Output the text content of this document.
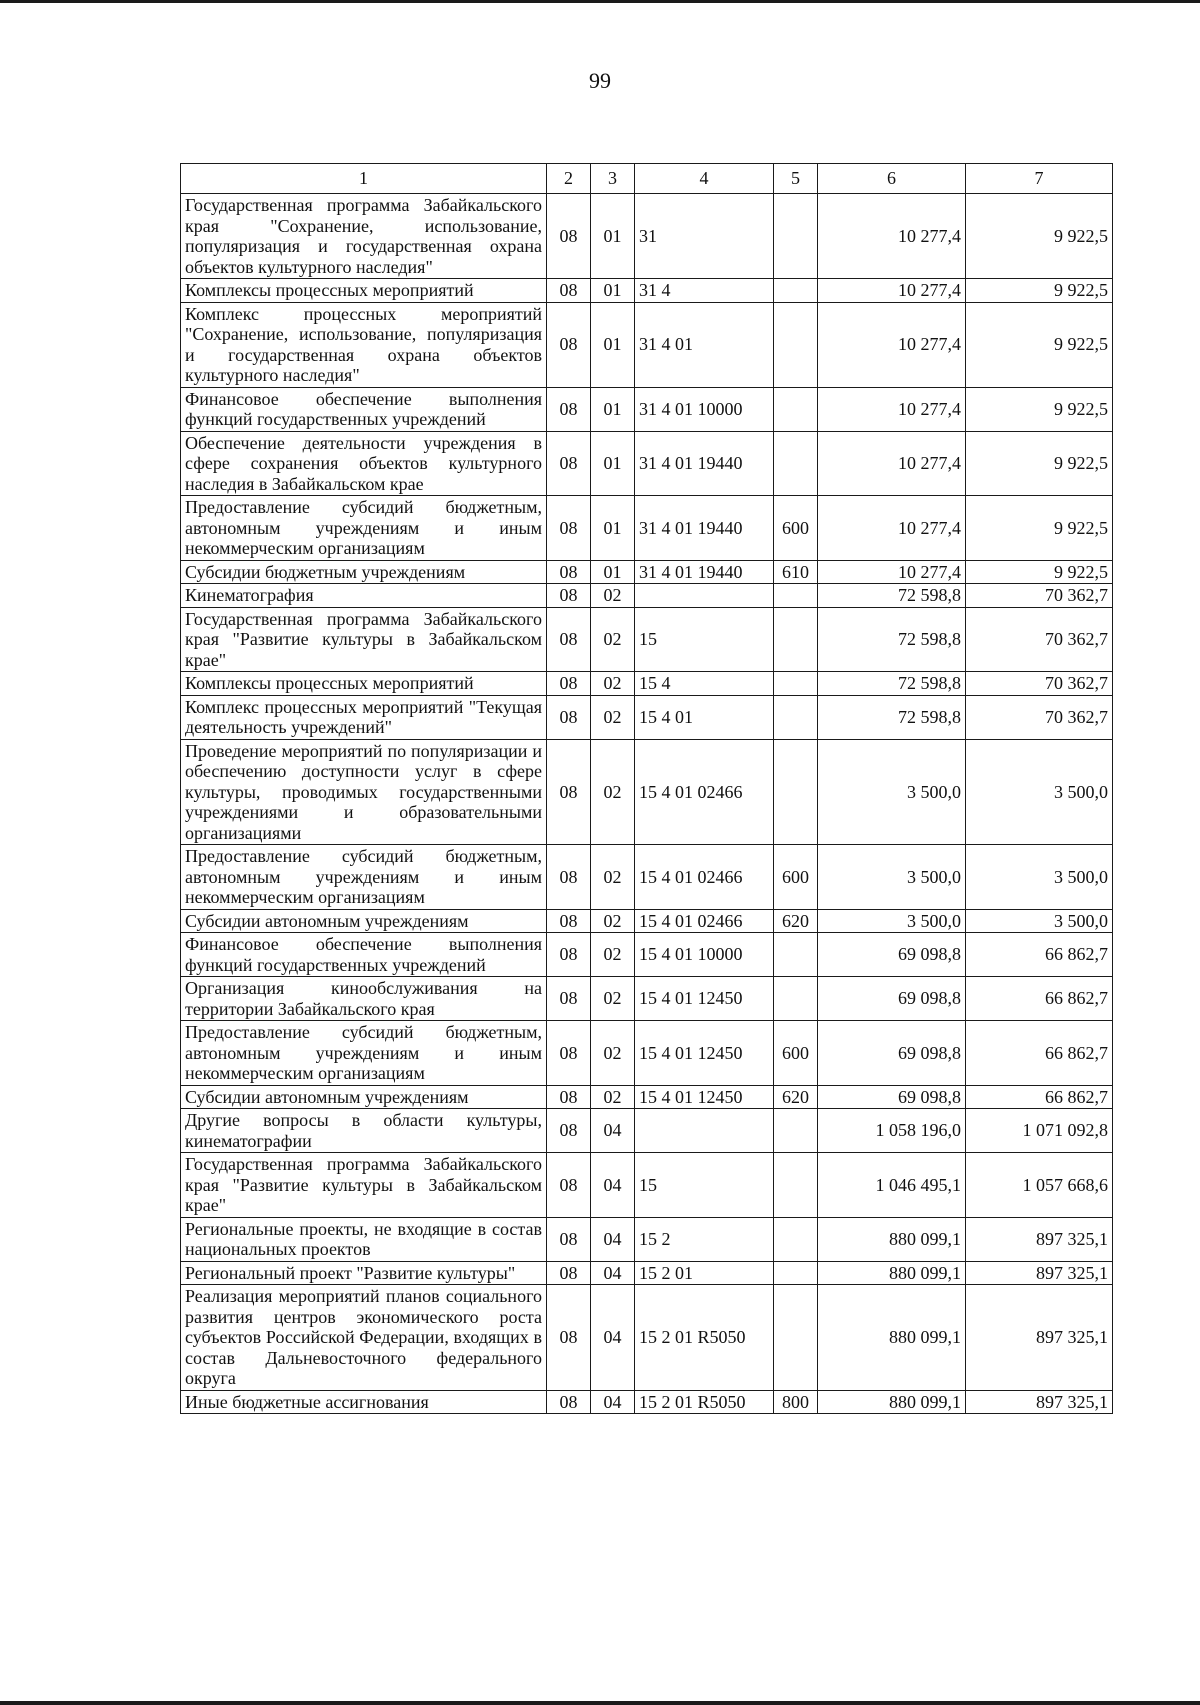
99
1	2	3	4	5	6	7
Государственная программа Забайкальского края "Сохранение, использование, популяризация и государственная охрана объектов культурного наследия"	08	01	31		10 277,4	9 922,5
Комплексы процессных мероприятий	08	01	31 4		10 277,4	9 922,5
Комплекс процессных мероприятий "Сохранение, использование, популяризация и государственная охрана объектов культурного наследия"	08	01	31 4 01		10 277,4	9 922,5
Финансовое обеспечение выполнения функций государственных учреждений	08	01	31 4 01 10000		10 277,4	9 922,5
Обеспечение деятельности учреждения в сфере сохранения объектов культурного наследия в Забайкальском крае	08	01	31 4 01 19440		10 277,4	9 922,5
Предоставление субсидий бюджетным, автономным учреждениям и иным некоммерческим организациям	08	01	31 4 01 19440	600	10 277,4	9 922,5
Субсидии бюджетным учреждениям	08	01	31 4 01 19440	610	10 277,4	9 922,5
Кинематография	08	02			72 598,8	70 362,7
Государственная программа Забайкальского края "Развитие культуры в Забайкальском крае"	08	02	15		72 598,8	70 362,7
Комплексы процессных мероприятий	08	02	15 4		72 598,8	70 362,7
Комплекс процессных мероприятий "Текущая деятельность учреждений"	08	02	15 4 01		72 598,8	70 362,7
Проведение мероприятий по популяризации и обеспечению доступности услуг в сфере культуры, проводимых государственными учреждениями и образовательными организациями	08	02	15 4 01 02466		3 500,0	3 500,0
Предоставление субсидий бюджетным, автономным учреждениям и иным некоммерческим организациям	08	02	15 4 01 02466	600	3 500,0	3 500,0
Субсидии автономным учреждениям	08	02	15 4 01 02466	620	3 500,0	3 500,0
Финансовое обеспечение выполнения функций государственных учреждений	08	02	15 4 01 10000		69 098,8	66 862,7
Организация кинообслуживания на территории Забайкальского края	08	02	15 4 01 12450		69 098,8	66 862,7
Предоставление субсидий бюджетным, автономным учреждениям и иным некоммерческим организациям	08	02	15 4 01 12450	600	69 098,8	66 862,7
Субсидии автономным учреждениям	08	02	15 4 01 12450	620	69 098,8	66 862,7
Другие вопросы в области культуры, кинематографии	08	04			1 058 196,0	1 071 092,8
Государственная программа Забайкальского края "Развитие культуры в Забайкальском крае"	08	04	15		1 046 495,1	1 057 668,6
Региональные проекты, не входящие в состав национальных проектов	08	04	15 2		880 099,1	897 325,1
Региональный проект "Развитие культуры"	08	04	15 2 01		880 099,1	897 325,1
Реализация мероприятий планов социального развития центров экономического роста субъектов Российской Федерации, входящих в состав Дальневосточного федерального округа	08	04	15 2 01 R5050		880 099,1	897 325,1
Иные бюджетные ассигнования	08	04	15 2 01 R5050	800	880 099,1	897 325,1
